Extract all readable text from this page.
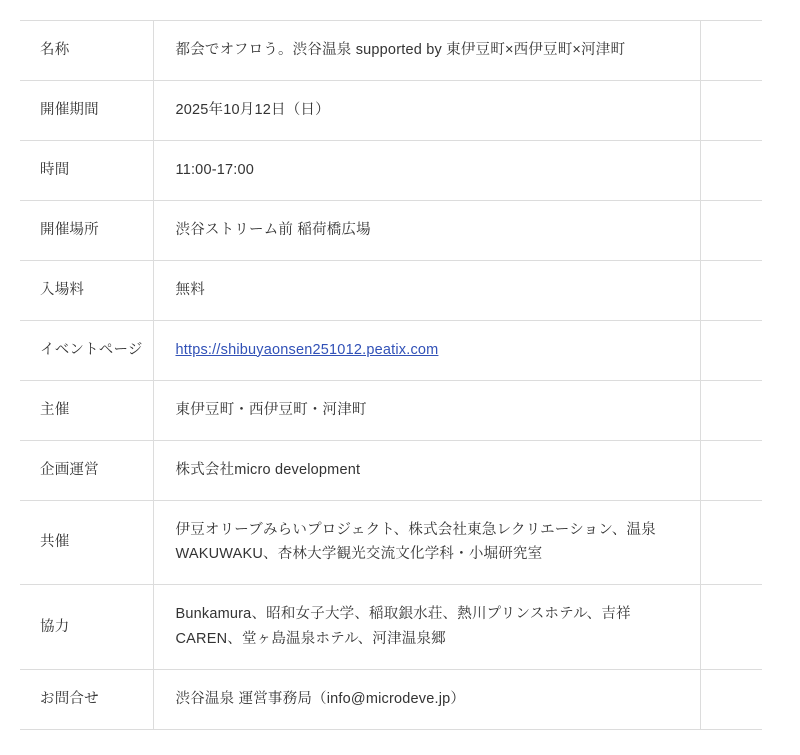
名称	都会でオフロう。渋谷温泉 supported by 東伊豆町×西伊豆町×河津町	
開催期間	2025年10月12日（日）	
時間	11:00-17:00	
開催場所	渋谷ストリーム前 稲荷橋広場	
入場料	無料	
イベントページ	https://shibuyaonsen251012.peatix.com	
主催	東伊豆町・西伊豆町・河津町	
企画運営	株式会社micro development	
共催	伊豆オリーブみらいプロジェクト、株式会社東急レクリエーション、温泉WAKUWAKU、杏林大学観光交流文化学科・小堀研究室	
協力	Bunkamura、昭和女子大学、稲取銀水荘、熱川プリンスホテル、吉祥CAREN、堂ヶ島温泉ホテル、河津温泉郷	
お問合せ	渋谷温泉 運営事務局（info@microdeve.jp）	
